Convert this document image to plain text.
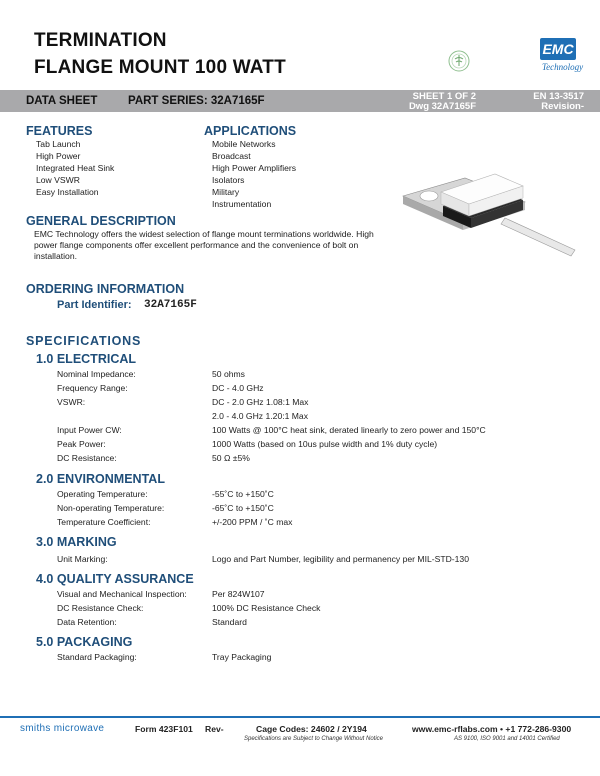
TERMINATION
FLANGE MOUNT 100 WATT
EMC
Technology
DATA SHEET	PART SERIES: 32A7165F	SHEET 1 OF 2
Dwg 32A7165F
EN 13-3517
Revision-
FEATURES
Tab Launch
High Power
Integrated Heat Sink
Low VSWR
Easy Installation
APPLICATIONS
Mobile Networks
Broadcast
High Power Amplifiers
Isolators
Military
Instrumentation
GENERAL DESCRIPTION
EMC Technology offers the widest selection of flange mount terminations worldwide. High power flange components offer excellent performance and the convenience of bolt on installation.
ORDERING INFORMATION
Part Identifier: 32A7165F
SPECIFICATIONS
1.0 ELECTRICAL
Nominal Impedance:	50 ohms
Frequency Range:	DC - 4.0 GHz
VSWR:	DC - 2.0 GHz 1.08:1 Max
2.0 - 4.0 GHz 1.20:1 Max
Input Power CW:	100 Watts @ 100°C heat sink, derated linearly to zero power and 150°C
Peak Power:	1000 Watts (based on 10us pulse width and 1% duty cycle)
DC Resistance:	50 Ω ±5%
2.0 ENVIRONMENTAL
Operating Temperature:	-55˚C to +150˚C
Non-operating Temperature:	-65˚C to +150˚C
Temperature Coefficient:	+/-200 PPM / ˚C max
3.0 MARKING
Unit Marking:	Logo and Part Number, legibility and permanency per MIL-STD-130
4.0 QUALITY ASSURANCE
Visual and Mechanical Inspection:	Per 824W107
DC Resistance Check:	100% DC Resistance Check
Data Retention:	Standard
5.0 PACKAGING
Standard Packaging:	Tray Packaging
smiths microwave	Form 423F101 Rev-	Cage Codes: 24602 / 2Y194
Specifications are Subject to Change Without Notice
www.emc-rflabs.com • +1 772-286-9300
AS 9100, ISO 9001 and 14001 Certified
